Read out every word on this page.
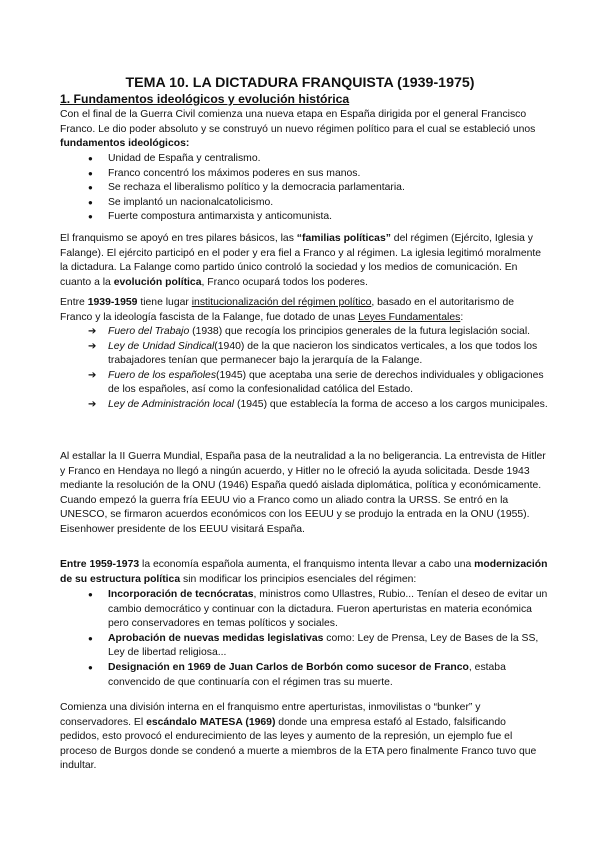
TEMA 10. LA DICTADURA FRANQUISTA (1939-1975)
1. Fundamentos ideológicos y evolución histórica

Con el final de la Guerra Civil comienza una nueva etapa en España dirigida por el general Francisco Franco. Le dio poder absoluto y se construyó un nuevo régimen político para el cual se estableció unos fundamentos ideológicos:

● Unidad de España y centralismo.
● Franco concentró los máximos poderes en sus manos.
● Se rechaza el liberalismo político y la democracia parlamentaria.
● Se implantó un nacionalcatolicismo.
● Fuerte compostura antimarxista y anticomunista.

El franquismo se apoyó en tres pilares básicos, las “familias políticas” del régimen (Ejército, Iglesia y Falange). El ejército participó en el poder y era fiel a Franco y al régimen. La iglesia legitimó moralmente la dictadura. La Falange como partido único controló la sociedad y los medios de comunicación. En cuanto a la evolución política, Franco ocupará todos los poderes.

Entre 1939-1959 tiene lugar institucionalización del régimen político, basado en el autoritarismo de Franco y la ideología fascista de la Falange, fue dotado de unas Leyes Fundamentales:

➔ Fuero del Trabajo (1938) que recogía los principios generales de la futura legislación social.
➔ Ley de Unidad Sindical(1940) de la que nacieron los sindicatos verticales, a los que todos los trabajadores tenían que permanecer bajo la jerarquía de la Falange.
➔ Fuero de los españoles(1945) que aceptaba una serie de derechos individuales y obligaciones de los españoles, así como la confesionalidad católica del Estado.
➔ Ley de Administración local (1945) que establecía la forma de acceso a los cargos municipales.

Al estallar la II Guerra Mundial, España pasa de la neutralidad a la no beligerancia. La entrevista de Hitler y Franco en Hendaya no llegó a ningún acuerdo, y Hitler no le ofreció la ayuda solicitada. Desde 1943 mediante la resolución de la ONU (1946) España quedó aislada diplomática, política y económicamente. Cuando empezó la guerra fría EEUU vio a Franco como un aliado contra la URSS. Se entró en la UNESCO, se firmaron acuerdos económicos con los EEUU y se produjo la entrada en la ONU (1955). Eisenhower presidente de los EEUU visitará España.

Entre 1959-1973 la economía española aumenta, el franquismo intenta llevar a cabo una modernización de su estructura política sin modificar los principios esenciales del régimen:

● Incorporación de tecnócratas, ministros como Ullastres, Rubio... Tenían el deseo de evitar un cambio democrático y continuar con la dictadura. Fueron aperturistas en materia económica pero conservadores en temas políticos y sociales.
● Aprobación de nuevas medidas legislativas como: Ley de Prensa, Ley de Bases de la SS, Ley de libertad religiosa...
● Designación en 1969 de Juan Carlos de Borbón como sucesor de Franco, estaba convencido de que continuaría con el régimen tras su muerte.

Comienza una división interna en el franquismo entre aperturistas, inmovilistas o “bunker” y conservadores. El escándalo MATESA (1969) donde una empresa estafó al Estado, falsificando pedidos, esto provocó el endurecimiento de las leyes y aumento de la represión, un ejemplo fue el proceso de Burgos donde se condenó a muerte a miembros de la ETA pero finalmente Franco tuvo que indultar.
